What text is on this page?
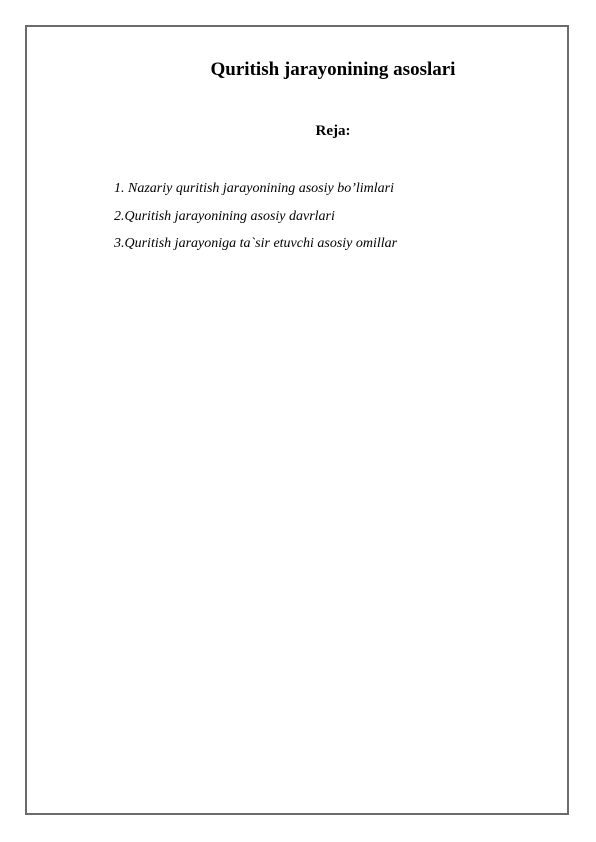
Quritish jarayonining asoslari
Reja:
1. Nazariy quritish jarayonining asosiy bo’limlari
2.Quritish jarayonining asosiy davrlari
3.Quritish jarayoniga ta`sir etuvchi asosiy omillar
